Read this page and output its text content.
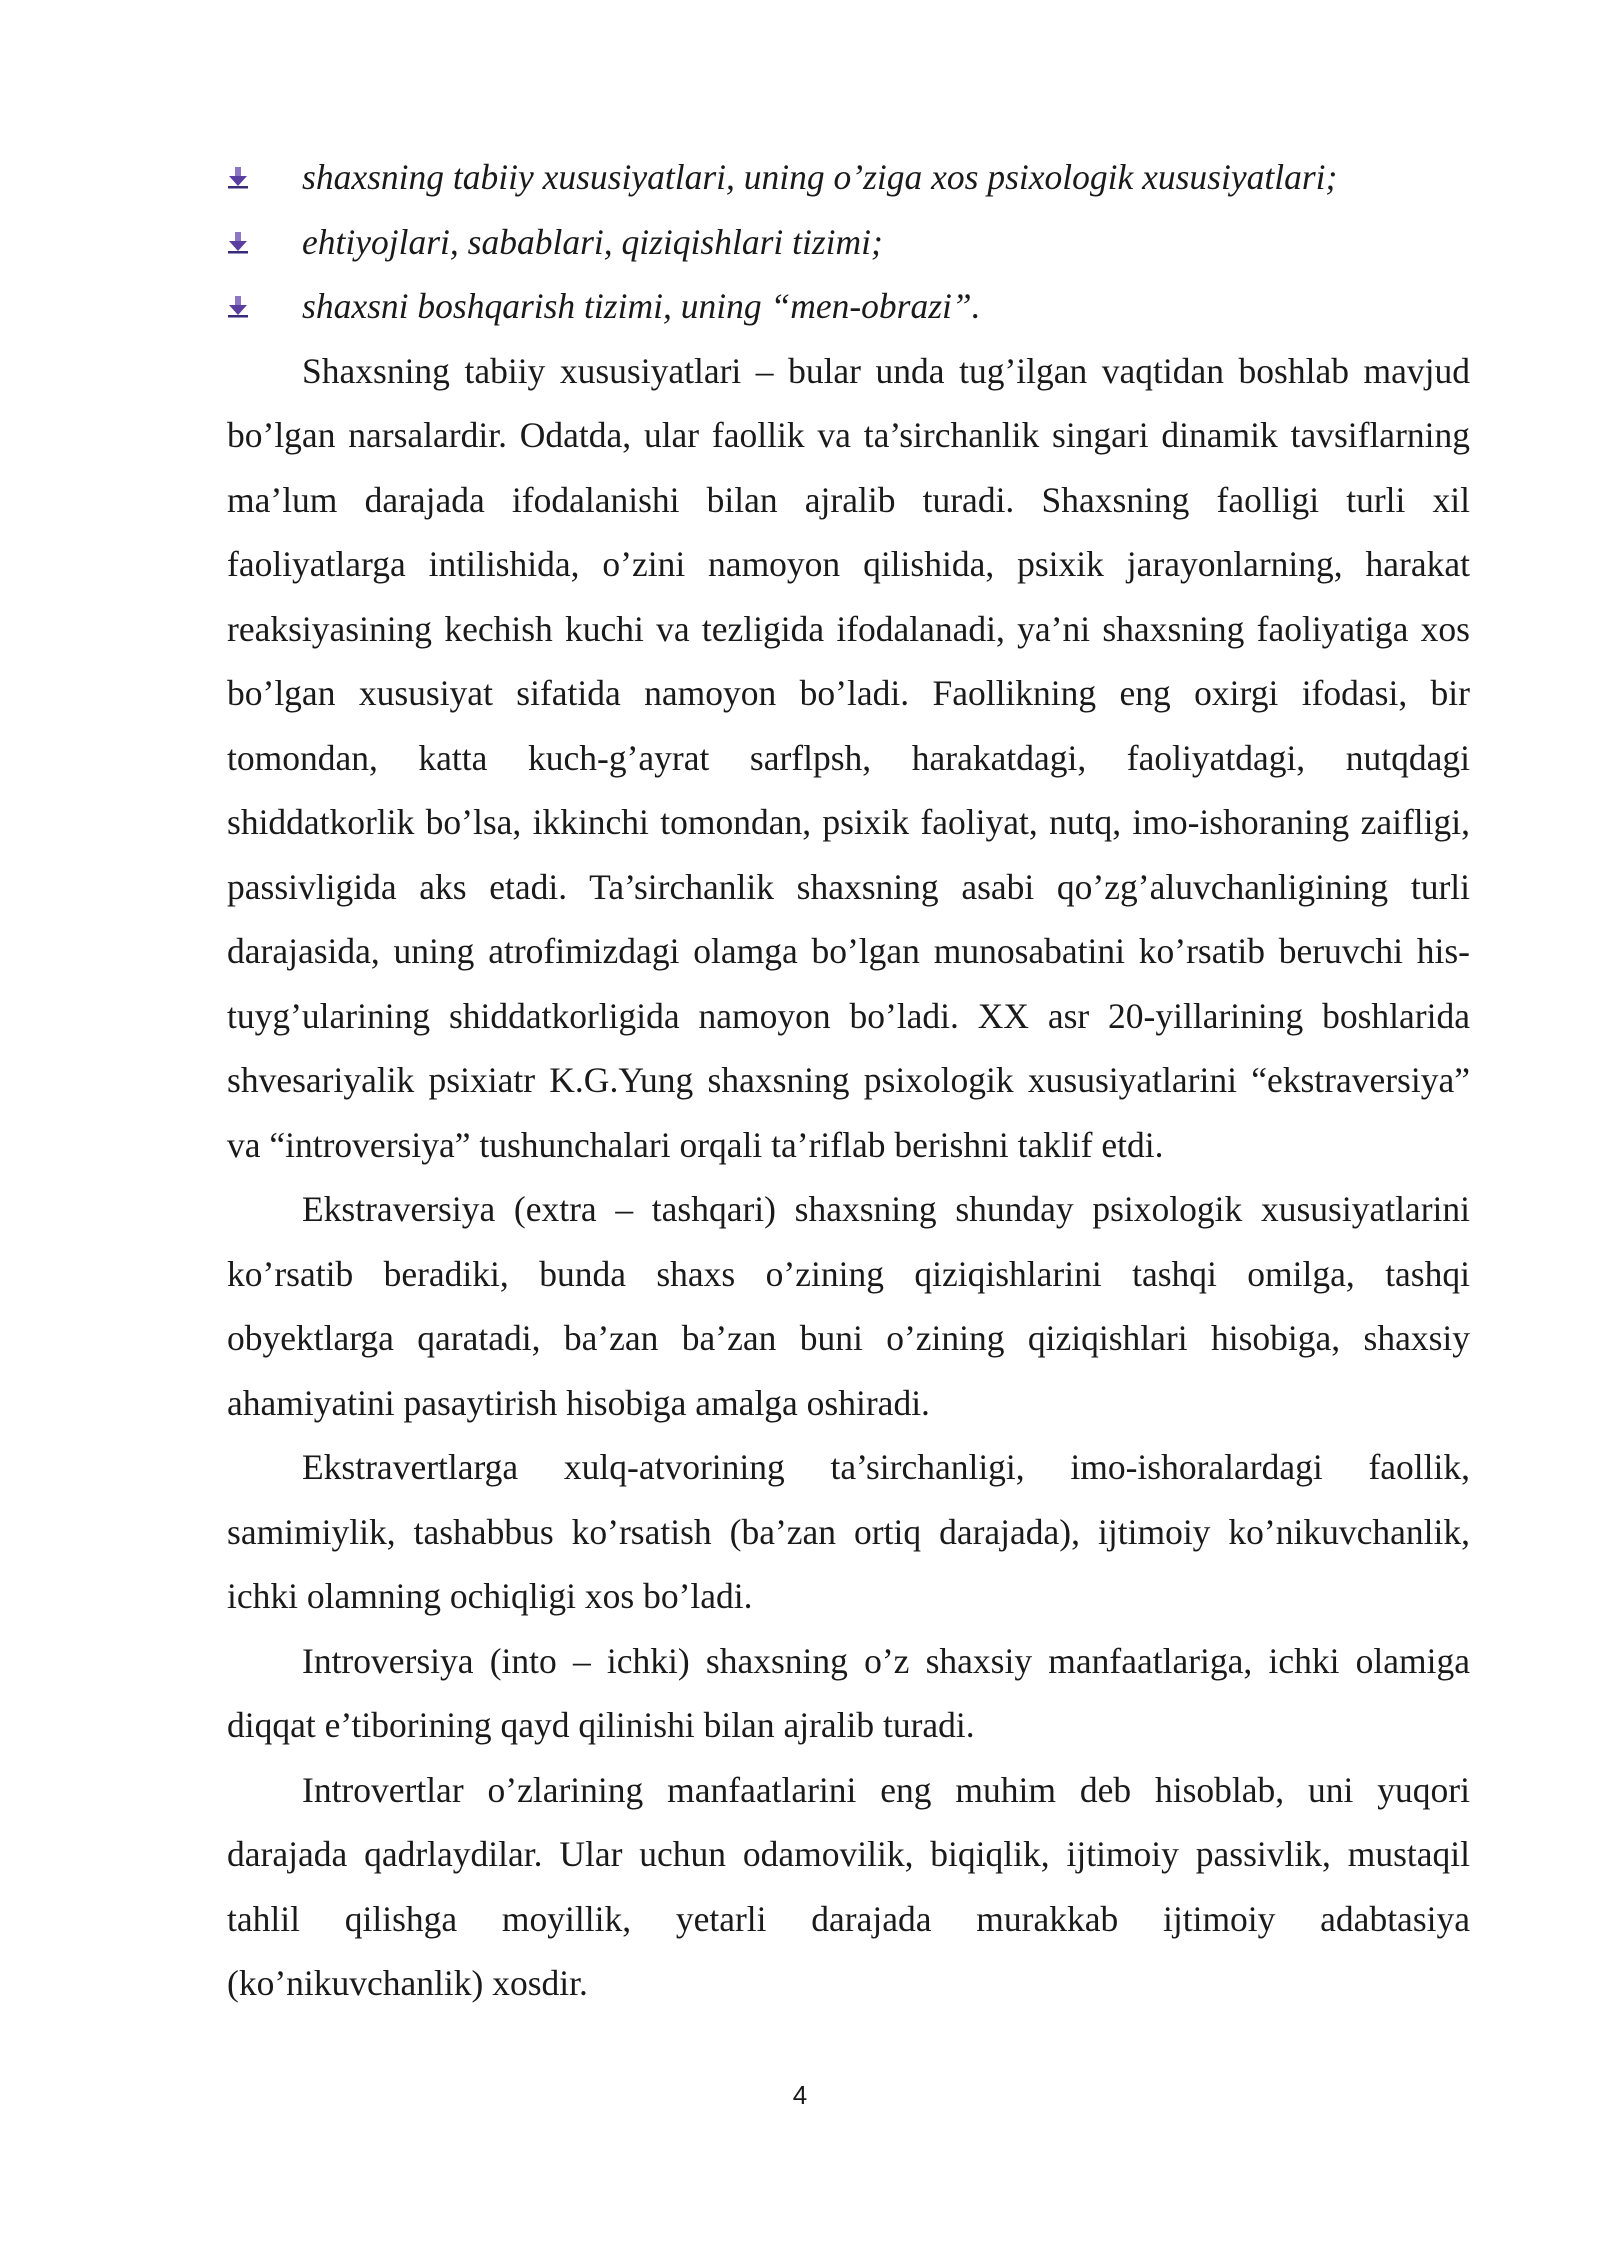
shaxsning tabiiy xususiyatlari, uning o’ziga xos psixologik xususiyatlari;
ehtiyojlari, sabablari, qiziqishlari tizimi;
shaxsni boshqarish tizimi, uning “men-obrazi”.

Shaxsning tabiiy xususiyatlari – bular unda tug’ilgan vaqtidan boshlab mavjud bo’lgan narsalardir. Odatda, ular faollik va ta’sirchanlik singari dinamik tavsiflarning ma’lum darajada ifodalanishi bilan ajralib turadi. Shaxsning faolligi turli xil faoliyatlarga intilishida, o’zini namoyon qilishida, psixik jarayonlarning, harakat reaksiyasining kechish kuchi va tezligida ifodalanadi, ya’ni shaxsning faoliyatiga xos bo’lgan xususiyat sifatida namoyon bo’ladi. Faollikning eng oxirgi ifodasi, bir tomondan, katta kuch-g’ayrat sarflpsh, harakatdagi, faoliyatdagi, nutqdagi shiddatkorlik bo’lsa, ikkinchi tomondan, psixik faoliyat, nutq, imo-ishoraning zaifligi, passivligida aks etadi. Ta’sirchanlik shaxsning asabi qo’zg’aluvchanligining turli darajasida, uning atrofimizdagi olamga bo’lgan munosabatini ko’rsatib beruvchi his-tuyg’ularining shiddatkorligida namoyon bo’ladi. XX asr 20-yillarining boshlarida shvesariyalik psixiatr K.G.Yung shaxsning psixologik xususiyatlarini “ekstraversiya” va “introversiya” tushunchalari orqali ta’riflab berishni taklif etdi.

Ekstraversiya (extra – tashqari) shaxsning shunday psixologik xususiyatlarini ko’rsatib beradiki, bunda shaxs o’zining qiziqishlarini tashqi omilga, tashqi obyektlarga qaratadi, ba’zan ba’zan buni o’zining qiziqishlari hisobiga, shaxsiy ahamiyatini pasaytirish hisobiga amalga oshiradi.

Ekstravertlarga xulq-atvorining ta’sirchanligi, imo-ishoralardagi faollik, samimiylik, tashabbus ko’rsatish (ba’zan ortiq darajada), ijtimoiy ko’nikuvchanlik, ichki olamning ochiqligi xos bo’ladi.

Introversiya (into – ichki) shaxsning o’z shaxsiy manfaatlariga, ichki olamiga diqqat e’tiborining qayd qilinishi bilan ajralib turadi.

Introvertlar o’zlarining manfaatlarini eng muhim deb hisoblab, uni yuqori darajada qadrlaydilar. Ular uchun odamovilik, biqiqlik, ijtimoiy passivlik, mustaqil tahlil qilishga moyillik, yetarli darajada murakkab ijtimoiy adabtasiya (ko’nikuvchanlik) xosdir.

4
